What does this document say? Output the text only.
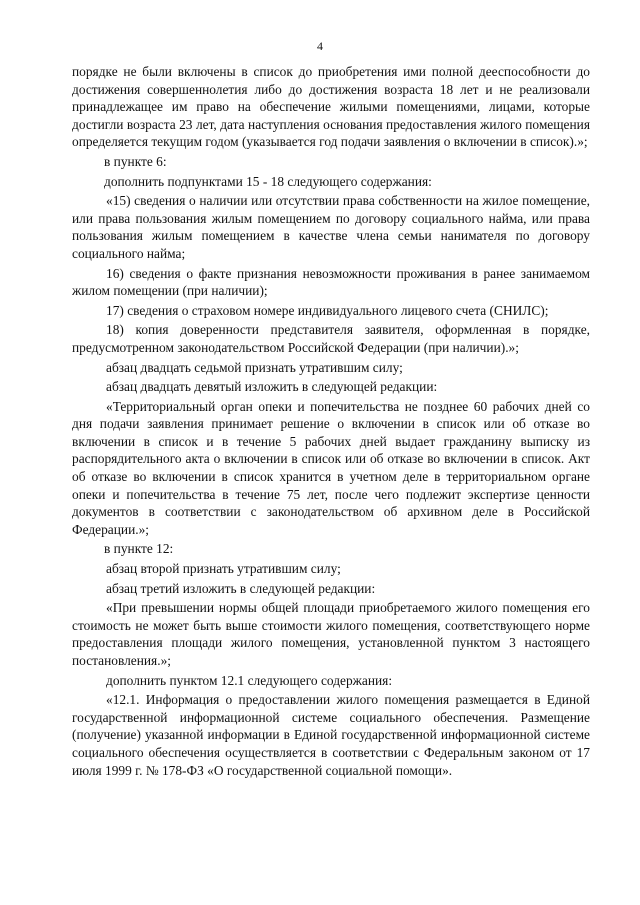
4

порядке не были включены в список до приобретения ими полной дееспособности до достижения совершеннолетия либо до достижения возраста 18 лет и не реализовали принадлежащее им право на обеспечение жилыми помещениями, лицами, которые достигли возраста 23 лет, дата наступления основания предоставления жилого помещения определяется текущим годом (указывается год подачи заявления о включении в список).»;

в пункте 6:

дополнить подпунктами 15 - 18 следующего содержания:

«15) сведения о наличии или отсутствии права собственности на жилое помещение, или права пользования жилым помещением по договору социального найма, или права пользования жилым помещением в качестве члена семьи нанимателя по договору социального найма;

16) сведения о факте признания невозможности проживания в ранее занимаемом жилом помещении (при наличии);

17) сведения о страховом номере индивидуального лицевого счета (СНИЛС);

18) копия доверенности представителя заявителя, оформленная в порядке, предусмотренном законодательством Российской Федерации (при наличии).»;

абзац двадцать седьмой признать утратившим силу;

абзац двадцать девятый изложить в следующей редакции:

«Территориальный орган опеки и попечительства не позднее 60 рабочих дней со дня подачи заявления принимает решение о включении в список или об отказе во включении в список и в течение 5 рабочих дней выдает гражданину выписку из распорядительного акта о включении в список или об отказе во включении в список. Акт об отказе во включении в список хранится в учетном деле в территориальном органе опеки и попечительства в течение 75 лет, после чего подлежит экспертизе ценности документов в соответствии с законодательством об архивном деле в Российской Федерации.»;

в пункте 12:

абзац второй признать утратившим силу;

абзац третий изложить в следующей редакции:

«При превышении нормы общей площади приобретаемого жилого помещения его стоимость не может быть выше стоимости жилого помещения, соответствующего норме предоставления площади жилого помещения, установленной пунктом 3 настоящего постановления.»;

дополнить пунктом 12.1 следующего содержания:

«12.1. Информация о предоставлении жилого помещения размещается в Единой государственной информационной системе социального обеспечения. Размещение (получение) указанной информации в Единой государственной информационной системе социального обеспечения осуществляется в соответствии с Федеральным законом от 17 июля 1999 г. № 178-ФЗ «О государственной социальной помощи».
